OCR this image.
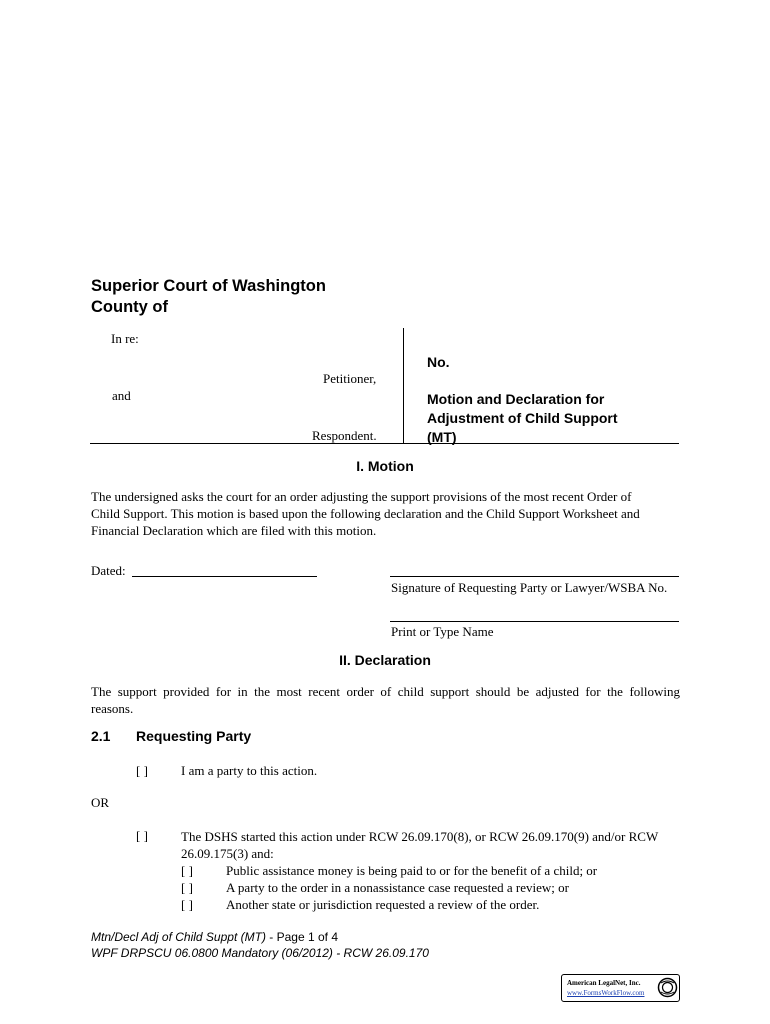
Superior Court of Washington
County of
In re:
Petitioner,
and
Respondent.
No.
Motion and Declaration for
Adjustment of Child Support
(MT)
I. Motion
The undersigned asks the court for an order adjusting the support provisions of the most recent Order of
Child Support. This motion is based upon the following declaration and the Child Support Worksheet and
Financial Declaration which are filed with this motion.
Dated:
Signature of Requesting Party or Lawyer/WSBA No.
Print or Type Name
II. Declaration
The support provided for in the most recent order of child support should be adjusted for the following
reasons.
2.1 Requesting Party
[ ]	I am a party to this action.
OR
[ ]	The DSHS started this action under RCW 26.09.170(8), or RCW 26.09.170(9) and/or RCW
26.09.175(3) and:
[ ]	Public assistance money is being paid to or for the benefit of a child; or
[ ]	A party to the order in a nonassistance case requested a review; or
[ ]	Another state or jurisdiction requested a review of the order.
Mtn/Decl Adj of Child Suppt (MT) - Page 1 of 4
WPF DRPSCU 06.0800 Mandatory (06/2012) - RCW 26.09.170
American LegalNet, Inc.
www.FormsWorkFlow.com
